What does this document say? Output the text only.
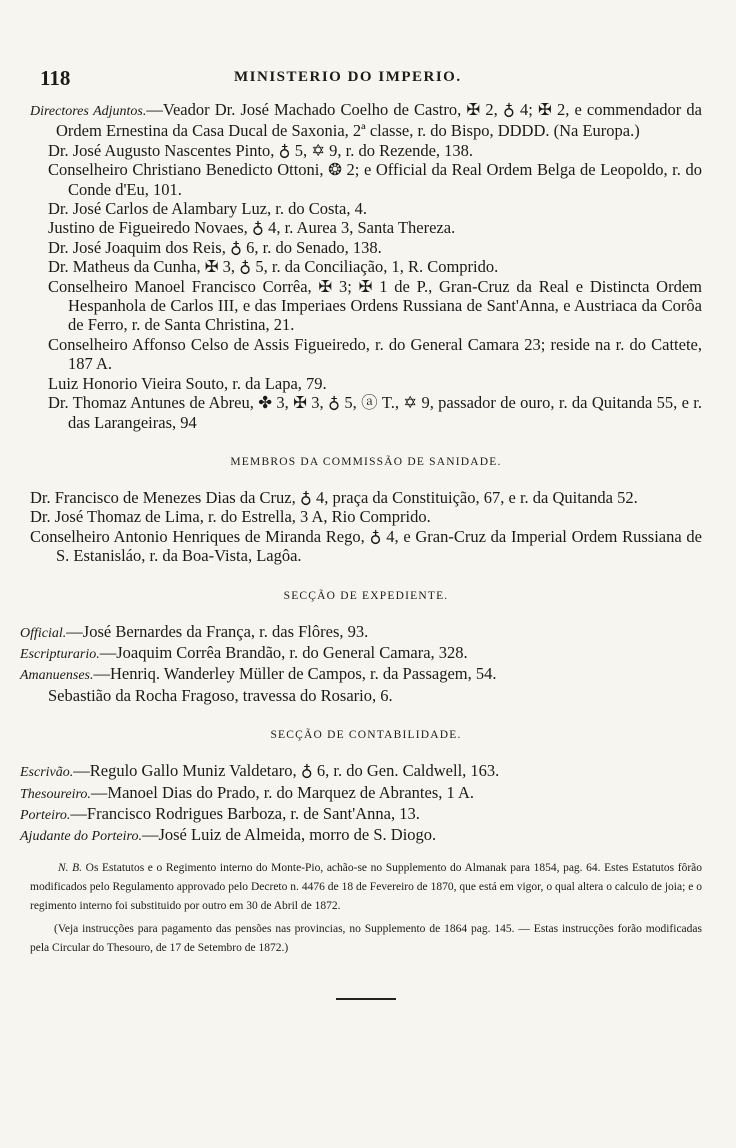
118	MINISTERIO DO IMPERIO.

Directores Adjuntos.—Veador Dr. José Machado Coelho de Castro, ✠ 2, ♁ 4; ✠ 2, e commendador da Ordem Ernestina da Casa Ducal de Saxonia, 2ª classe, r. do Bispo, DDDD. (Na Europa.)

Dr. José Augusto Nascentes Pinto, ♁ 5, ✡ 9, r. do Rezende, 138.

Conselheiro Christiano Benedicto Ottoni, ❂ 2; e Official da Real Ordem Belga de Leopoldo, r. do Conde d'Eu, 101.

Dr. José Carlos de Alambary Luz, r. do Costa, 4.

Justino de Figueiredo Novaes, ♁ 4, r. Aurea 3, Santa Thereza.

Dr. José Joaquim dos Reis, ♁ 6, r. do Senado, 138.

Dr. Matheus da Cunha, ✠ 3, ♁ 5, r. da Conciliação, 1, R. Comprido.

Conselheiro Manoel Francisco Corrêa, ✠ 3; ✠ 1 de P., Gran-Cruz da Real e Distincta Ordem Hespanhola de Carlos III, e das Imperiaes Ordens Russiana de Sant'Anna, e Austriaca da Corôa de Ferro, r. de Santa Christina, 21.

Conselheiro Affonso Celso de Assis Figueiredo, r. do General Camara 23; reside na r. do Cattete, 187 A.

Luiz Honorio Vieira Souto, r. da Lapa, 79.

Dr. Thomaz Antunes de Abreu, ✤ 3, ✠ 3, ♁ 5, ⓐ T., ✡ 9, passador de ouro, r. da Quitanda 55, e r. das Larangeiras, 94

MEMBROS DA COMMISSÃO DE SANIDADE.

Dr. Francisco de Menezes Dias da Cruz, ♁ 4, praça da Constituição, 67, e r. da Quitanda 52.

Dr. José Thomaz de Lima, r. do Estrella, 3 A, Rio Comprido.

Conselheiro Antonio Henriques de Miranda Rego, ♁ 4, e Gran-Cruz da Imperial Ordem Russiana de S. Estanisláo, r. da Boa-Vista, Lagôa.

SECÇÃO DE EXPEDIENTE.

Official.—José Bernardes da França, r. das Flôres, 93.

Escripturario.—Joaquim Corrêa Brandão, r. do General Camara, 328.

Amanuenses.—Henriq. Wanderley Müller de Campos, r. da Passagem, 54.

Sebastião da Rocha Fragoso, travessa do Rosario, 6.

SECÇÃO DE CONTABILIDADE.

Escrivão.—Regulo Gallo Muniz Valdetaro, ♁ 6, r. do Gen. Caldwell, 163.

Thesoureiro.—Manoel Dias do Prado, r. do Marquez de Abrantes, 1 A.

Porteiro.—Francisco Rodrigues Barboza, r. de Sant'Anna, 13.

Ajudante do Porteiro.—José Luiz de Almeida, morro de S. Diogo.

N. B. Os Estatutos e o Regimento interno do Monte-Pio, achão-se no Supplemento do Almanak para 1854, pag. 64. Estes Estatutos fôrão modificados pelo Regulamento approvado pelo Decreto n. 4476 de 18 de Fevereiro de 1870, que está em vigor, o qual altera o calculo de joia; e o regimento interno foi substituido por outro em 30 de Abril de 1872.

(Veja instrucções para pagamento das pensões nas provincias, no Supplemento de 1864 pag. 145. — Estas instrucções forão modificadas pela Circular do Thesouro, de 17 de Setembro de 1872.)
